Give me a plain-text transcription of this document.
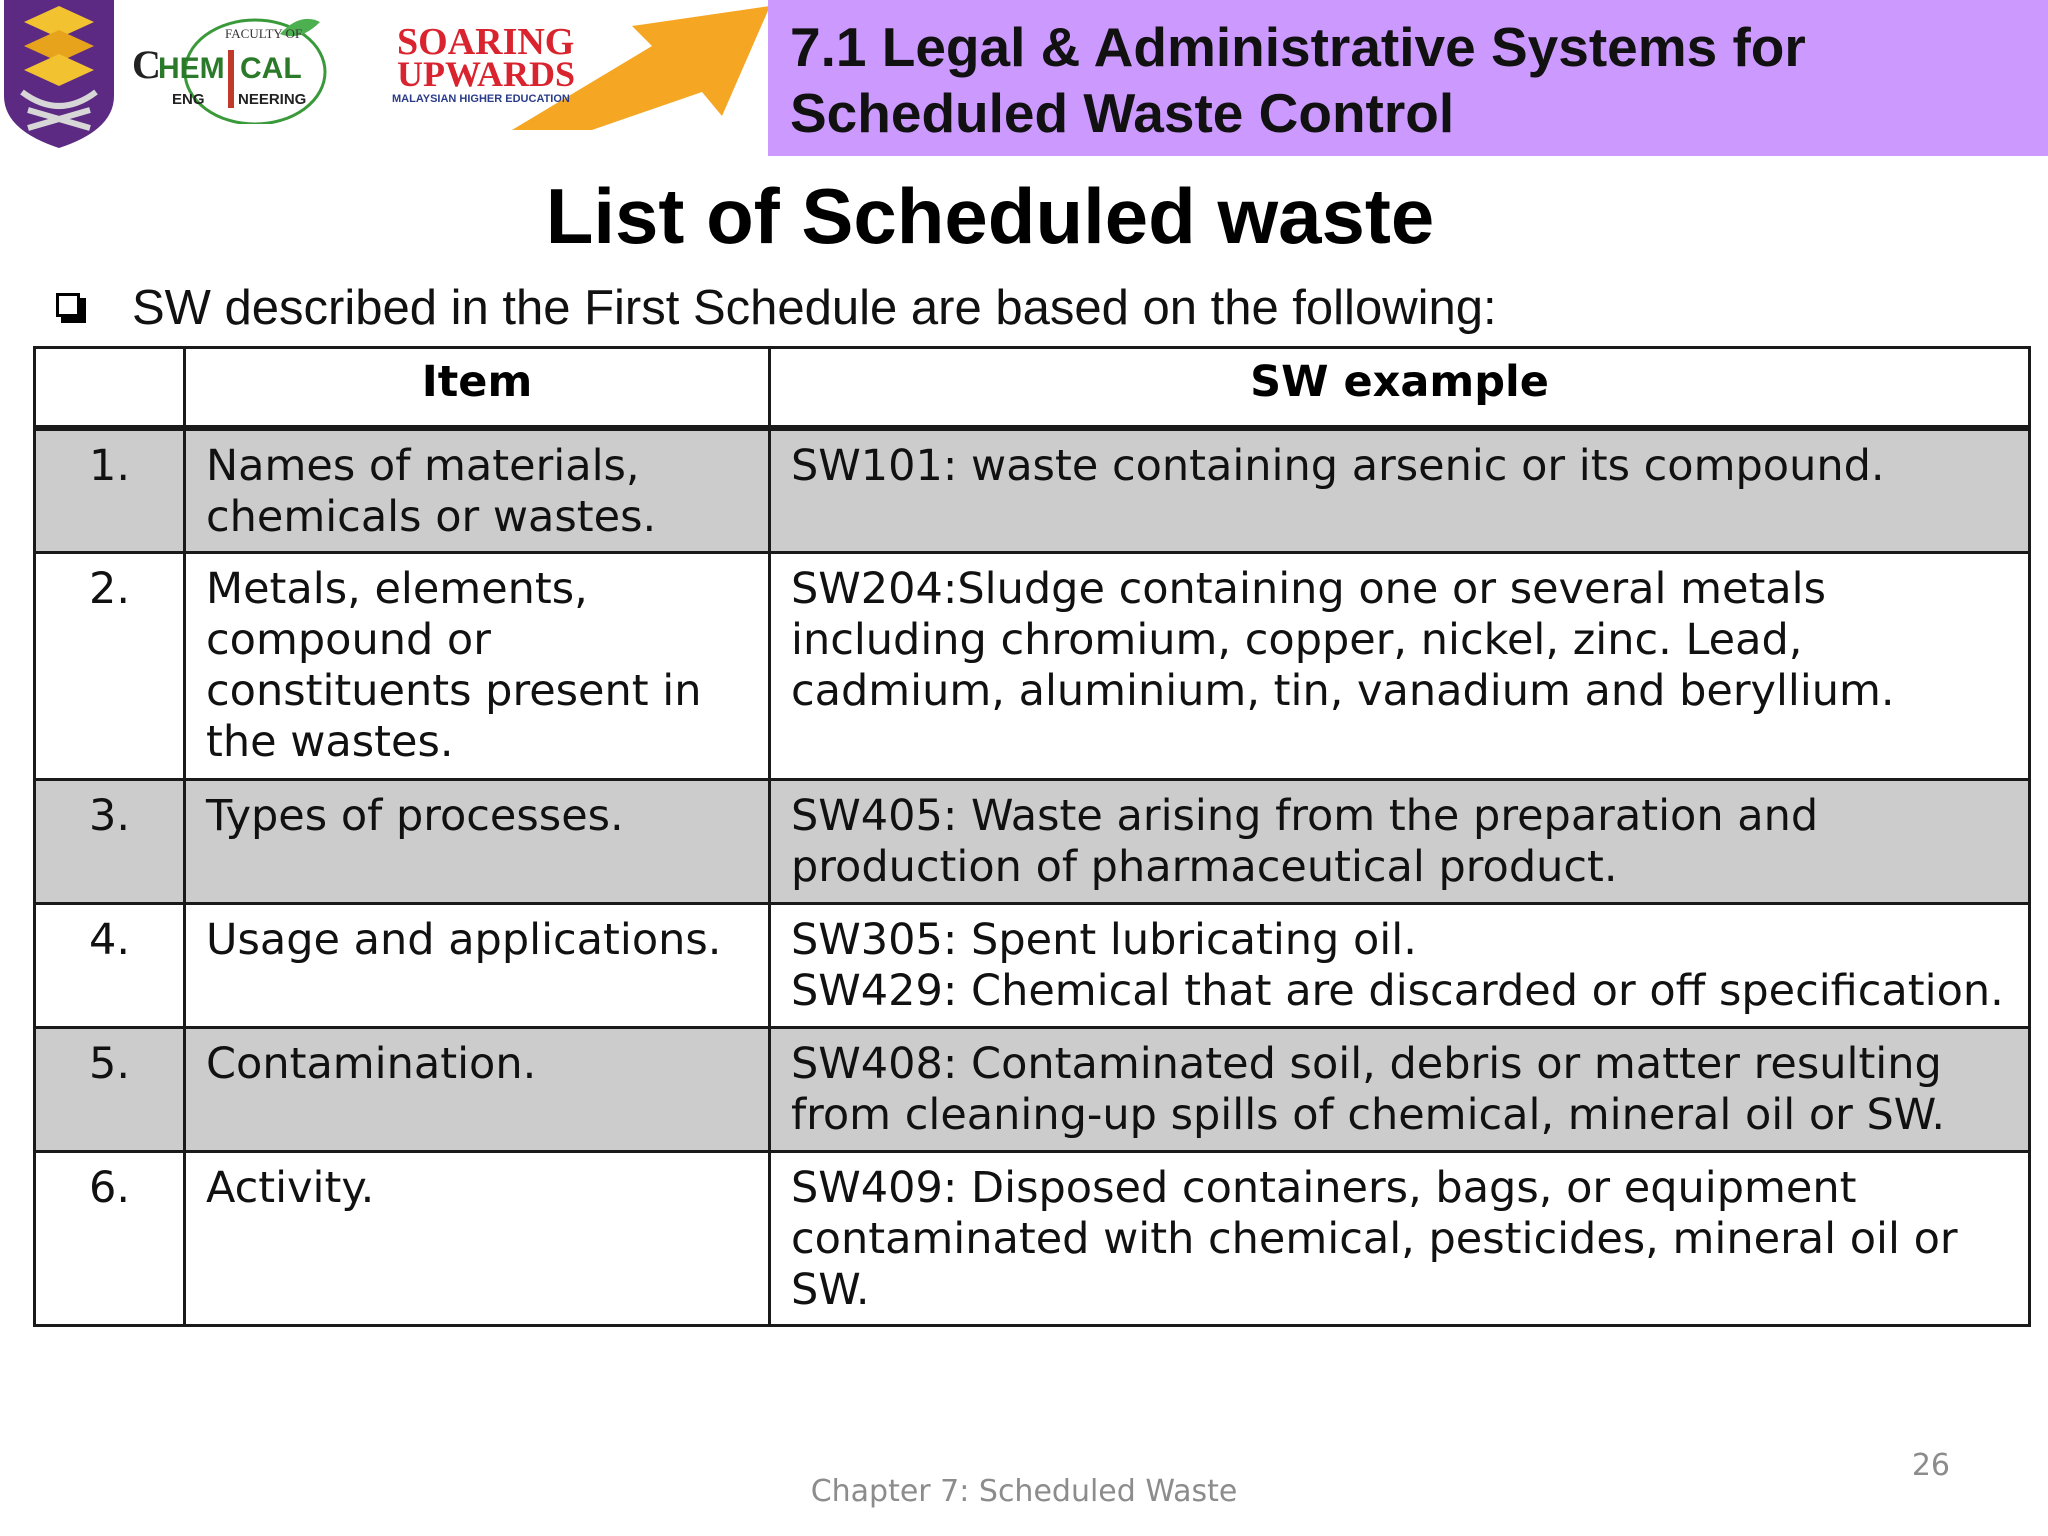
FACULTY OF
C
HEM CAL
ENG NEERING
SOARING
UPWARDS
MALAYSIAN HIGHER EDUCATION
7.1 Legal & Administrative Systems for
Scheduled Waste Control
List of Scheduled waste
SW described in the First Schedule are based on the following:
	Item	SW example
1.	Names of materials, chemicals or wastes.	SW101: waste containing arsenic or its compound.

2.	Metals, elements, compound or constituents present in the wastes.	SW204:Sludge containing one or several metals including chromium, copper, nickel, zinc. Lead, cadmium, aluminium, tin, vanadium and beryllium.

3.	Types of processes.	SW405: Waste arising from the preparation and production of pharmaceutical product.

4.	Usage and applications.	SW305: Spent lubricating oil.
SW429: Chemical that are discarded or off specification.

5.	Contamination.	SW408: Contaminated soil, debris or matter resulting from cleaning-up spills of chemical, mineral oil or SW.

6.	Activity.	SW409: Disposed containers, bags, or equipment contaminated with chemical, pesticides, mineral oil or SW.
26
Chapter 7: Scheduled Waste
